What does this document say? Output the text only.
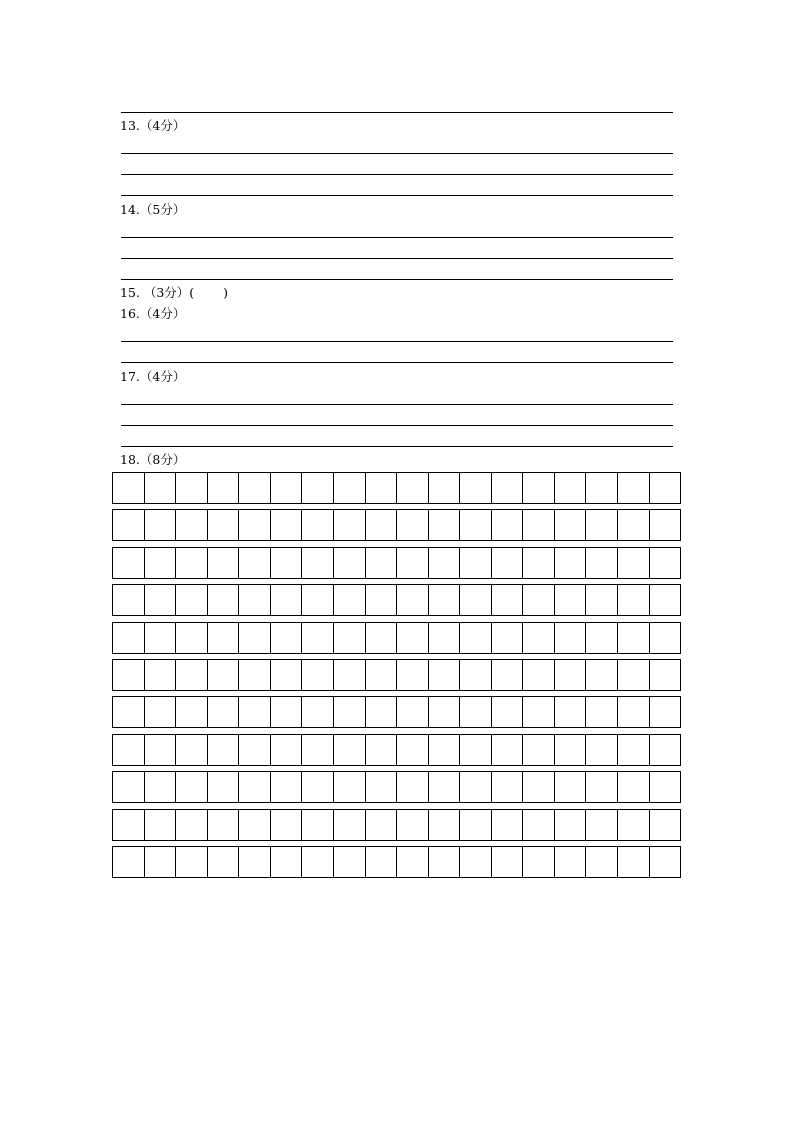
13.（4分）
14.（5分）
15. （3分）(　　 )
16.（4分）
17.（4分）
18.（8分）
